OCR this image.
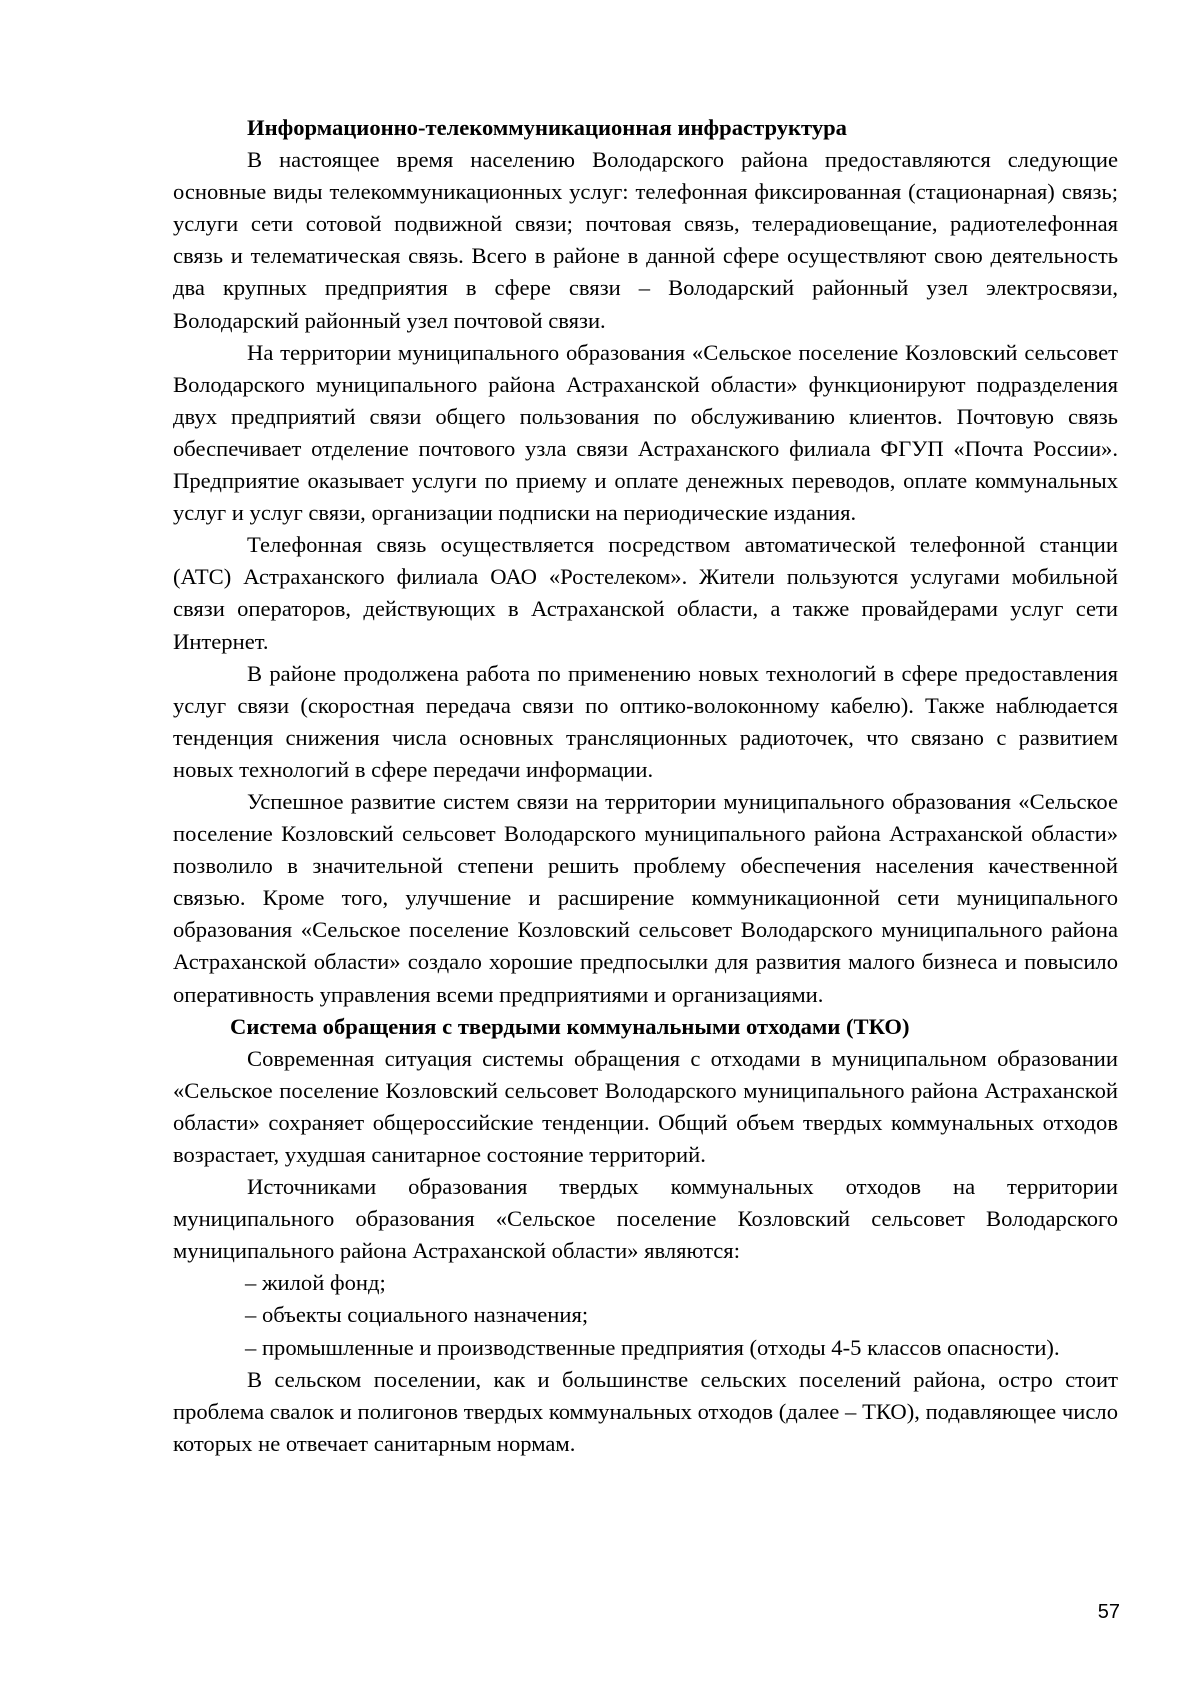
Информационно-телекоммуникационная инфраструктура

В настоящее время населению Володарского района предоставляются следующие основные виды телекоммуникационных услуг: телефонная фиксированная (стационарная) связь; услуги сети сотовой подвижной связи; почтовая связь, телерадиовещание, радиотелефонная связь и телематическая связь. Всего в районе в данной сфере осуществляют свою деятельность два крупных предприятия в сфере связи – Володарский районный узел электросвязи, Володарский районный узел почтовой связи.

На территории муниципального образования «Сельское поселение Козловский сельсовет Володарского муниципального района Астраханской области» функционируют подразделения двух предприятий связи общего пользования по обслуживанию клиентов. Почтовую связь обеспечивает отделение почтового узла связи Астраханского филиала ФГУП «Почта России». Предприятие оказывает услуги по приему и оплате денежных переводов, оплате коммунальных услуг и услуг связи, организации подписки на периодические издания.

Телефонная связь осуществляется посредством автоматической телефонной станции (АТС) Астраханского филиала ОАО «Ростелеком». Жители пользуются услугами мобильной связи операторов, действующих в Астраханской области, а также провайдерами услуг сети Интернет.

В районе продолжена работа по применению новых технологий в сфере предоставления услуг связи (скоростная передача связи по оптико-волоконному кабелю). Также наблюдается тенденция снижения числа основных трансляционных радиоточек, что связано с развитием новых технологий в сфере передачи информации.

Успешное развитие систем связи на территории муниципального образования «Сельское поселение Козловский сельсовет Володарского муниципального района Астраханской области» позволило в значительной степени решить проблему обеспечения населения качественной связью. Кроме того, улучшение и расширение коммуникационной сети муниципального образования «Сельское поселение Козловский сельсовет Володарского муниципального района Астраханской области» создало хорошие предпосылки для развития малого бизнеса и повысило оперативность управления всеми предприятиями и организациями.

Система обращения с твердыми коммунальными отходами (ТКО)

Современная ситуация системы обращения с отходами в муниципальном образовании «Сельское поселение Козловский сельсовет Володарского муниципального района Астраханской области» сохраняет общероссийские тенденции. Общий объем твердых коммунальных отходов возрастает, ухудшая санитарное состояние территорий.

Источниками образования твердых коммунальных отходов на территории муниципального образования «Сельское поселение Козловский сельсовет Володарского муниципального района Астраханской области» являются:

– жилой фонд;

– объекты социального назначения;

– промышленные и производственные предприятия (отходы 4-5 классов опасности).

В сельском поселении, как и большинстве сельских поселений района, остро стоит проблема свалок и полигонов твердых коммунальных отходов (далее – ТКО), подавляющее число которых не отвечает санитарным нормам.

57
